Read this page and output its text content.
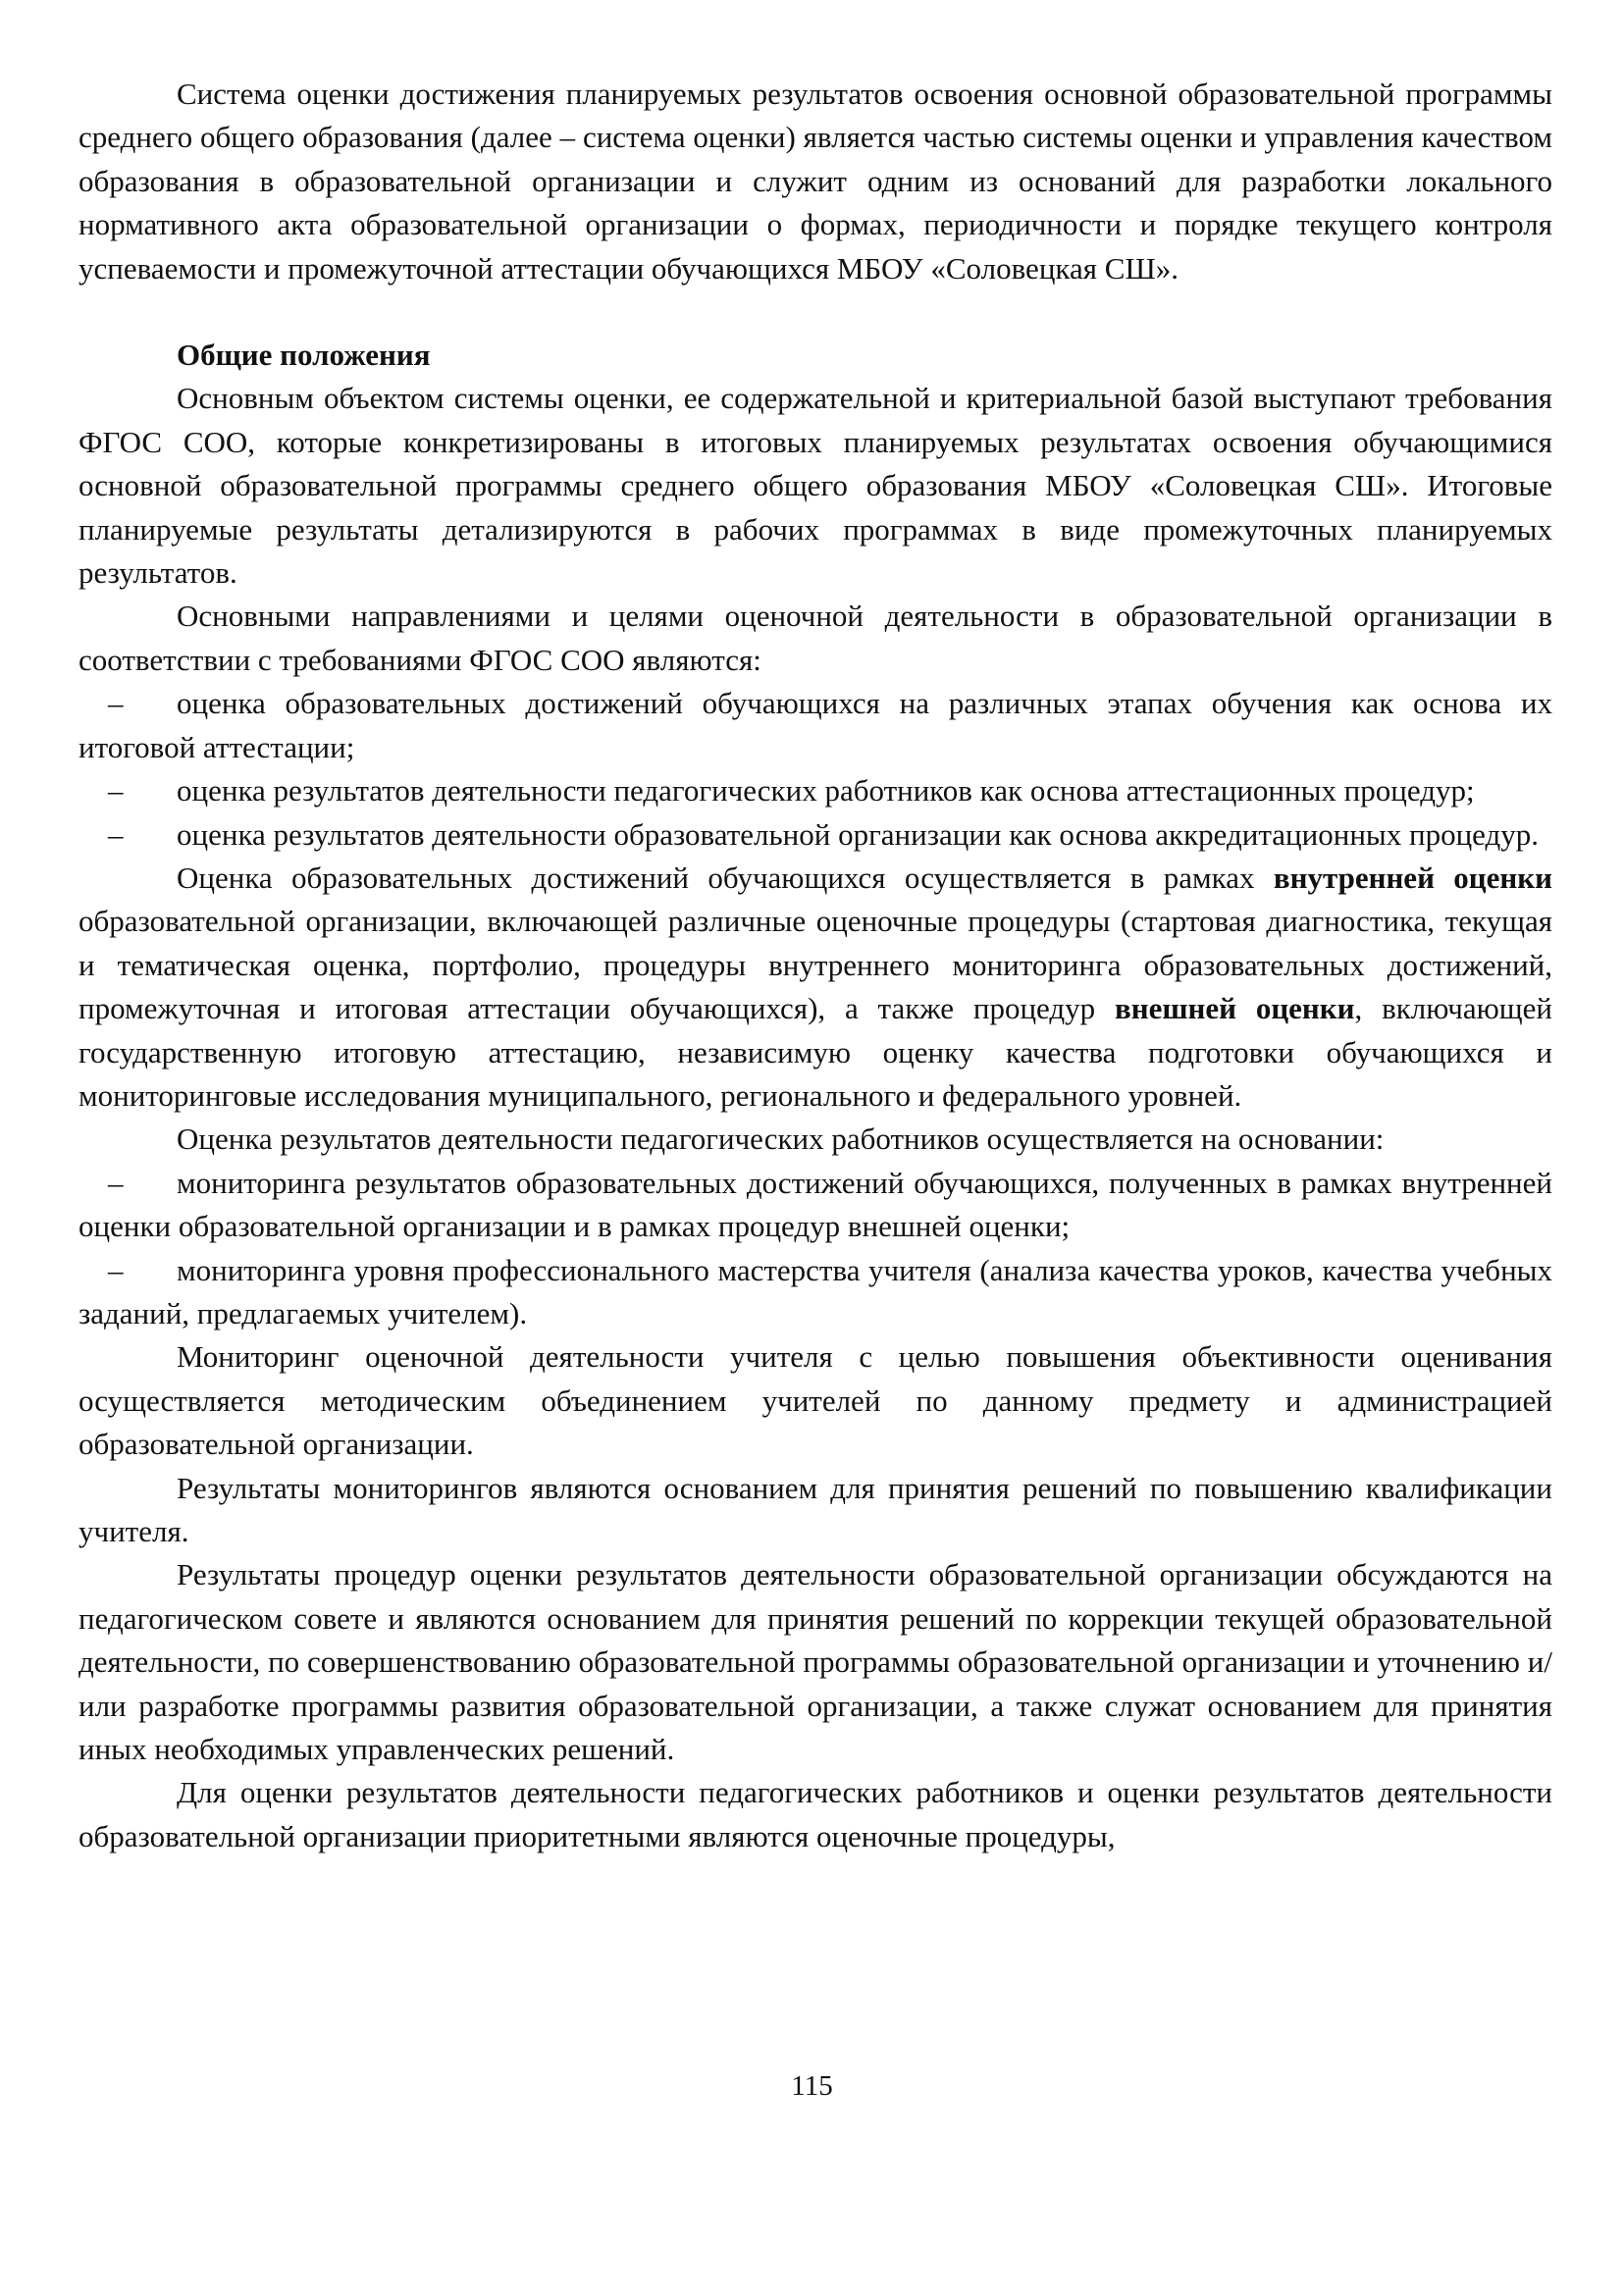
Система оценки достижения планируемых результатов освоения основной образовательной программы среднего общего образования (далее – система оценки) является частью системы оценки и управления качеством образования в образовательной организации и служит одним из оснований для разработки локального нормативного акта образовательной организации о формах, периодичности и порядке текущего контроля успеваемости и промежуточной аттестации обучающихся МБОУ «Соловецкая СШ».

Общие положения

Основным объектом системы оценки, ее содержательной и критериальной базой выступают требования ФГОС СОО, которые конкретизированы в итоговых планируемых результатах освоения обучающимися основной образовательной программы среднего общего образования МБОУ «Соловецкая СШ». Итоговые планируемые результаты детализируются в рабочих программах в виде промежуточных планируемых результатов.

Основными направлениями и целями оценочной деятельности в образовательной организации в соответствии с требованиями ФГОС СОО являются:

– оценка образовательных достижений обучающихся на различных этапах обучения как основа их итоговой аттестации;

– оценка результатов деятельности педагогических работников как основа аттестационных процедур;

– оценка результатов деятельности образовательной организации как основа аккредитационных процедур.

Оценка образовательных достижений обучающихся осуществляется в рамках внутренней оценки образовательной организации, включающей различные оценочные процедуры (стартовая диагностика, текущая и тематическая оценка, портфолио, процедуры внутреннего мониторинга образовательных достижений, промежуточная и итоговая аттестации обучающихся), а также процедур внешней оценки, включающей государственную итоговую аттестацию, независимую оценку качества подготовки обучающихся и мониторинговые исследования муниципального, регионального и федерального уровней.

Оценка результатов деятельности педагогических работников осуществляется на основании:

– мониторинга результатов образовательных достижений обучающихся, полученных в рамках внутренней оценки образовательной организации и в рамках процедур внешней оценки;

– мониторинга уровня профессионального мастерства учителя (анализа качества уроков, качества учебных заданий, предлагаемых учителем).

Мониторинг оценочной деятельности учителя с целью повышения объективности оценивания осуществляется методическим объединением учителей по данному предмету и администрацией образовательной организации.

Результаты мониторингов являются основанием для принятия решений по повышению квалификации учителя.

Результаты процедур оценки результатов деятельности образовательной организации обсуждаются на педагогическом совете и являются основанием для принятия решений по коррекции текущей образовательной деятельности, по совершенствованию образовательной программы образовательной организации и уточнению и/или разработке программы развития образовательной организации, а также служат основанием для принятия иных необходимых управленческих решений.

Для оценки результатов деятельности педагогических работников и оценки результатов деятельности образовательной организации приоритетными являются оценочные процедуры,

115
